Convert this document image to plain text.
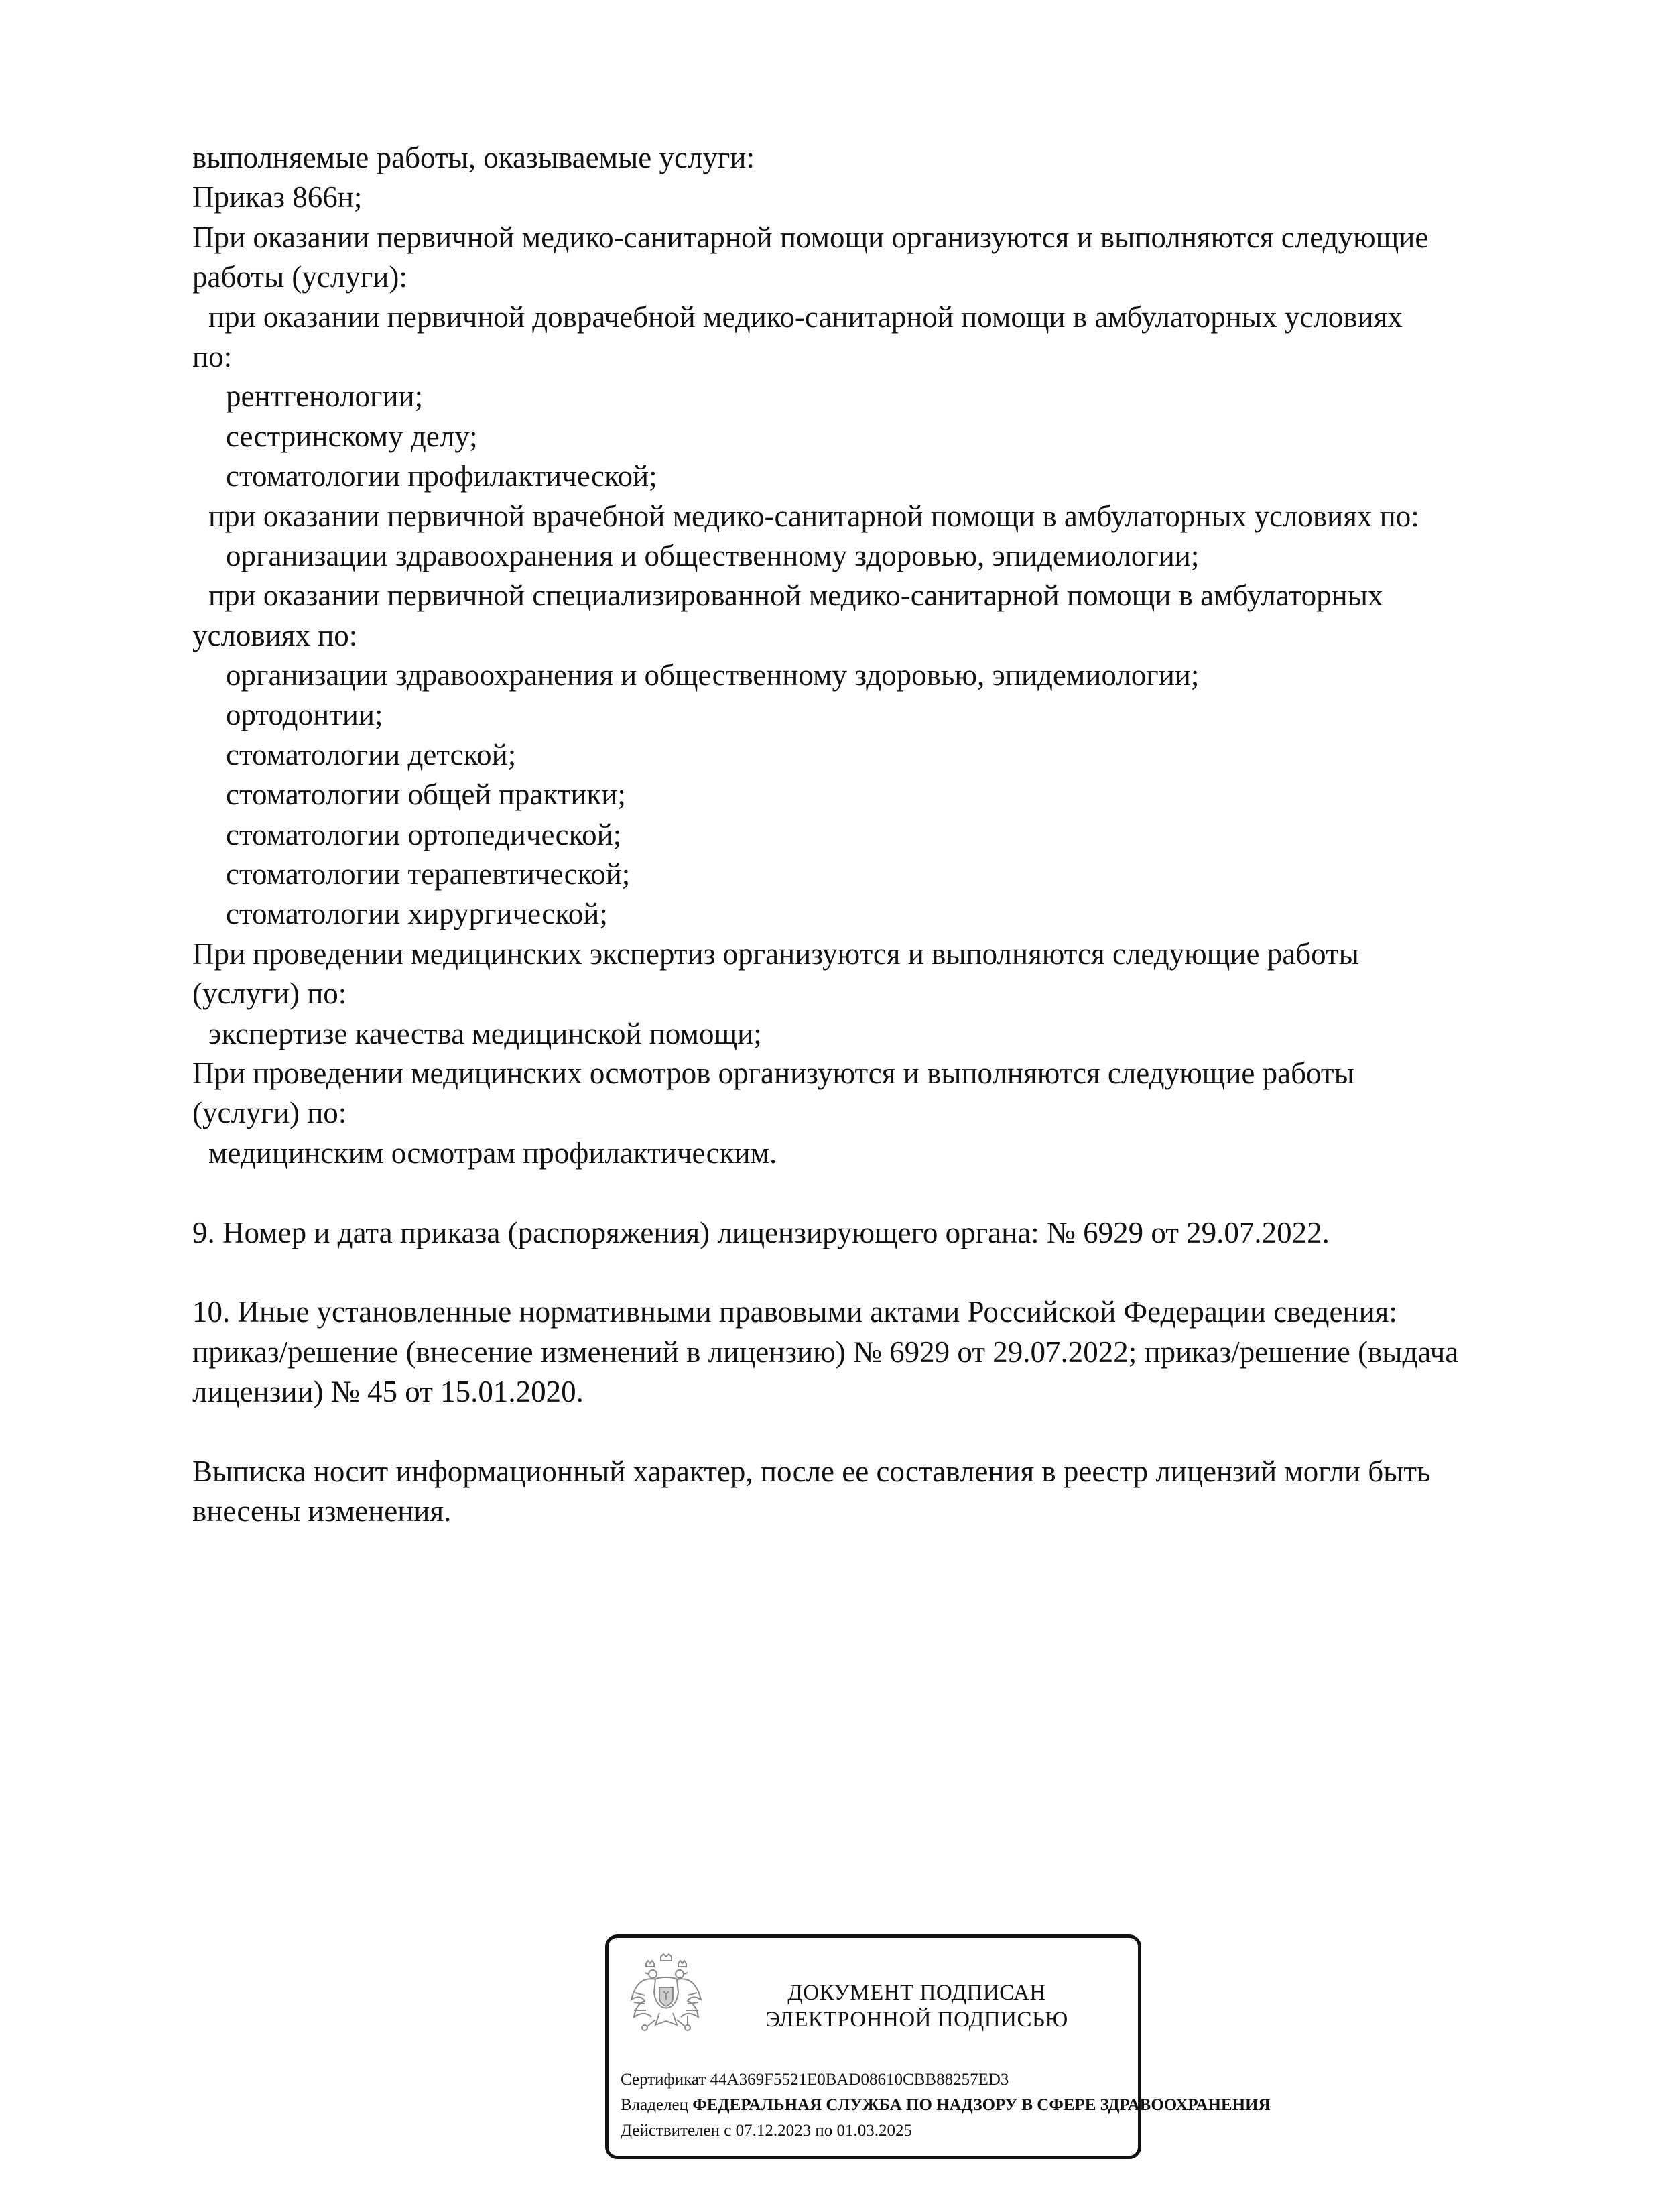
выполняемые работы, оказываемые услуги:
Приказ 866н;
При оказании первичной медико-санитарной помощи организуются и выполняются следующие
работы (услуги):
при оказании первичной доврачебной медико-санитарной помощи в амбулаторных условиях
по:
рентгенологии;
сестринскому делу;
стоматологии профилактической;
при оказании первичной врачебной медико-санитарной помощи в амбулаторных условиях по:
организации здравоохранения и общественному здоровью, эпидемиологии;
при оказании первичной специализированной медико-санитарной помощи в амбулаторных
условиях по:
организации здравоохранения и общественному здоровью, эпидемиологии;
ортодонтии;
стоматологии детской;
стоматологии общей практики;
стоматологии ортопедической;
стоматологии терапевтической;
стоматологии хирургической;
При проведении медицинских экспертиз организуются и выполняются следующие работы
(услуги) по:
экспертизе качества медицинской помощи;
При проведении медицинских осмотров организуются и выполняются следующие работы
(услуги) по:
медицинским осмотрам профилактическим.
9. Номер и дата приказа (распоряжения) лицензирующего органа: № 6929 от 29.07.2022.
10. Иные установленные нормативными правовыми актами Российской Федерации сведения:
приказ/решение (внесение изменений в лицензию) № 6929 от 29.07.2022; приказ/решение (выдача
лицензии) № 45 от 15.01.2020.
Выписка носит информационный характер, после ее составления в реестр лицензий могли быть
внесены изменения.
ДОКУМЕНТ ПОДПИСАН
ЭЛЕКТРОННОЙ ПОДПИСЬЮ
Сертификат 44A369F5521E0BAD08610CBB88257ED3
Владелец ФЕДЕРАЛЬНАЯ СЛУЖБА ПО НАДЗОРУ В СФЕРЕ ЗДРАВООХРАНЕНИЯ
Действителен с 07.12.2023 по 01.03.2025
